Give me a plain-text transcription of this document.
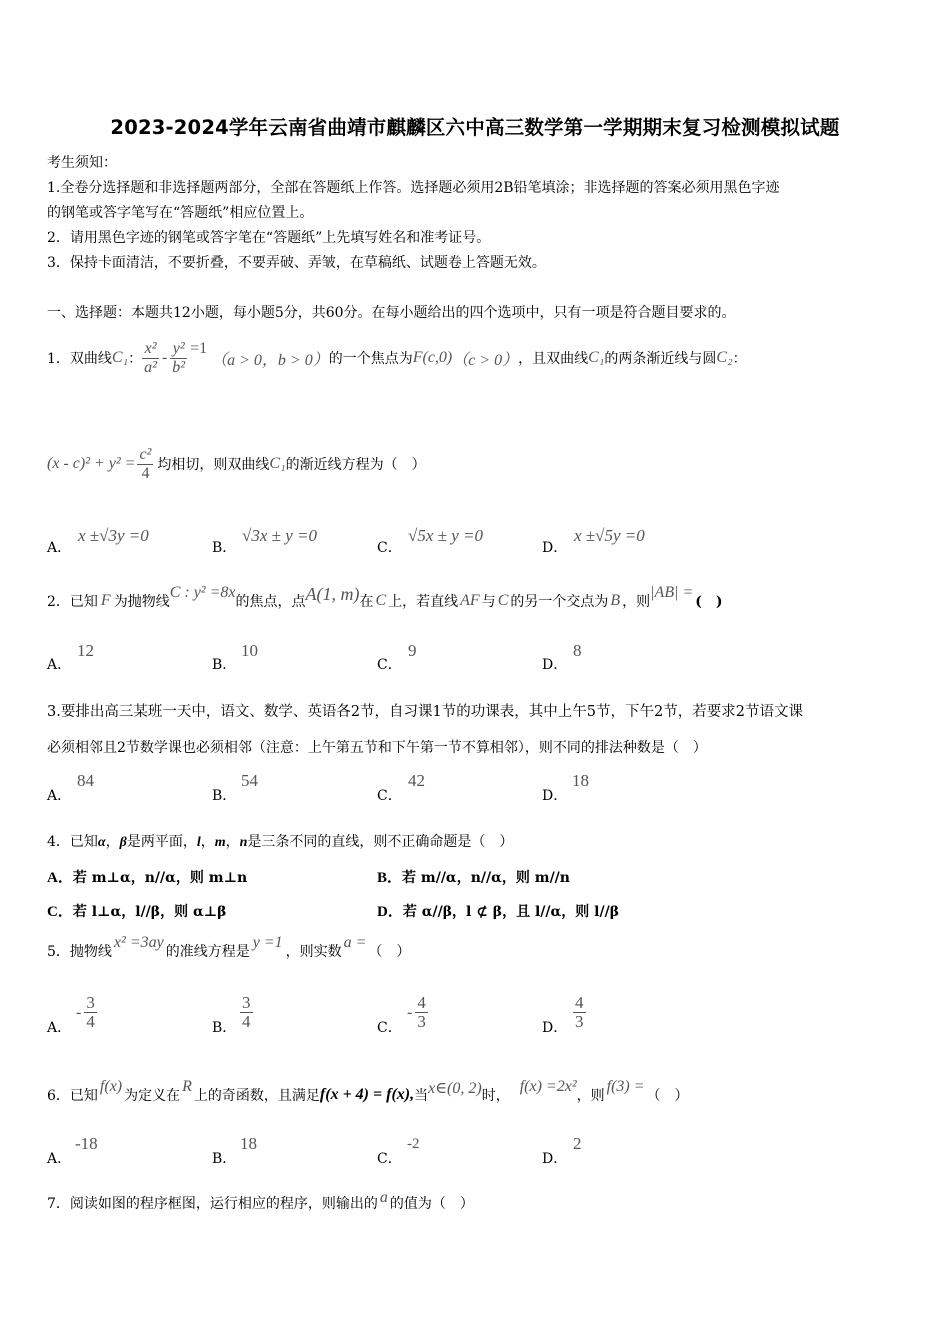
2023-2024学年云南省曲靖市麒麟区六中高三数学第一学期期末复习检测模拟试题
考生须知：
1.全卷分选择题和非选择题两部分，全部在答题纸上作答。选择题必须用2B铅笔填涂；非选择题的答案必须用黑色字迹
的钢笔或答字笔写在“答题纸”相应位置上。
2．请用黑色字迹的钢笔或答字笔在“答题纸”上先填写姓名和准考证号。
3．保持卡面清洁，不要折叠，不要弄破、弄皱，在草稿纸、试题卷上答题无效。
一、选择题：本题共12小题，每小题5分，共60分。在每小题给出的四个选项中，只有一项是符合题目要求的。
1．双曲线 C₁ ： $\frac{\text{x²}}{\text{a²}} - \frac{\text{y²}}{\text{b²}} =1$
（a > 0，b > 0） 的一个焦点为 F(c,0) （c > 0） ，且双曲线 C₁ 的两条渐近线与圆 C₂ ：
$(x - c)^2 + y^2 = \frac{\text{c²}}{4}$ 均相切，则双曲线 C₁ 的渐近线方程为（　）
A．
x ±√3y =0
B．
√3x ± y =0
C．
√5x ± y =0
D．
x ±√5y =0
2．已知 F 为抛物线
C : y² =8x
的焦点，点 A(1, m) 在 C 上，若直线 AF 与 C 的另一个交点为 B ，则
|AB| =
(　)
A．
12
B．
10
C．
9
D．
8
3.要排出高三某班一天中，语文、数学、英语各2节，自习课1节的功课表，其中上午5节，下午2节，若要求2节语文课
必须相邻且2节数学课也必须相邻（注意：上午第五节和下午第一节不算相邻），则不同的排法种数是（　）
A．
84
B．
54
C．
42
D．
18
4．已知α，β是两平面，l，m，n是三条不同的直线，则不正确命题是（　）
A．若 m⊥α，n//α，则 m⊥n	B．若 m//α，n//α，则 m//n
C．若 l⊥α，l//β，则 α⊥β	D．若 α//β，l ⊄ β，且 l//α，则 l//β
5．抛物线
x² =3ay
的准线方程是
y =1
，则实数
a =
（　）
A．
- $\frac{3}{4}$	B． $\frac{3}{4}$	C．
- $\frac{4}{3}$	D． $\frac{4}{3}$
6．已知
f(x)
为定义在
R
上的奇函数，且满足 f(x + 4) = f(x), 当 x∈(0, 2) 时，
f(x) =2x²
，则
f(3) =
（　）
A．
-18
B．
18
C．
-2
D．
2
7．阅读如图的程序框图，运行相应的程序，则输出的 a 的值为（　）
